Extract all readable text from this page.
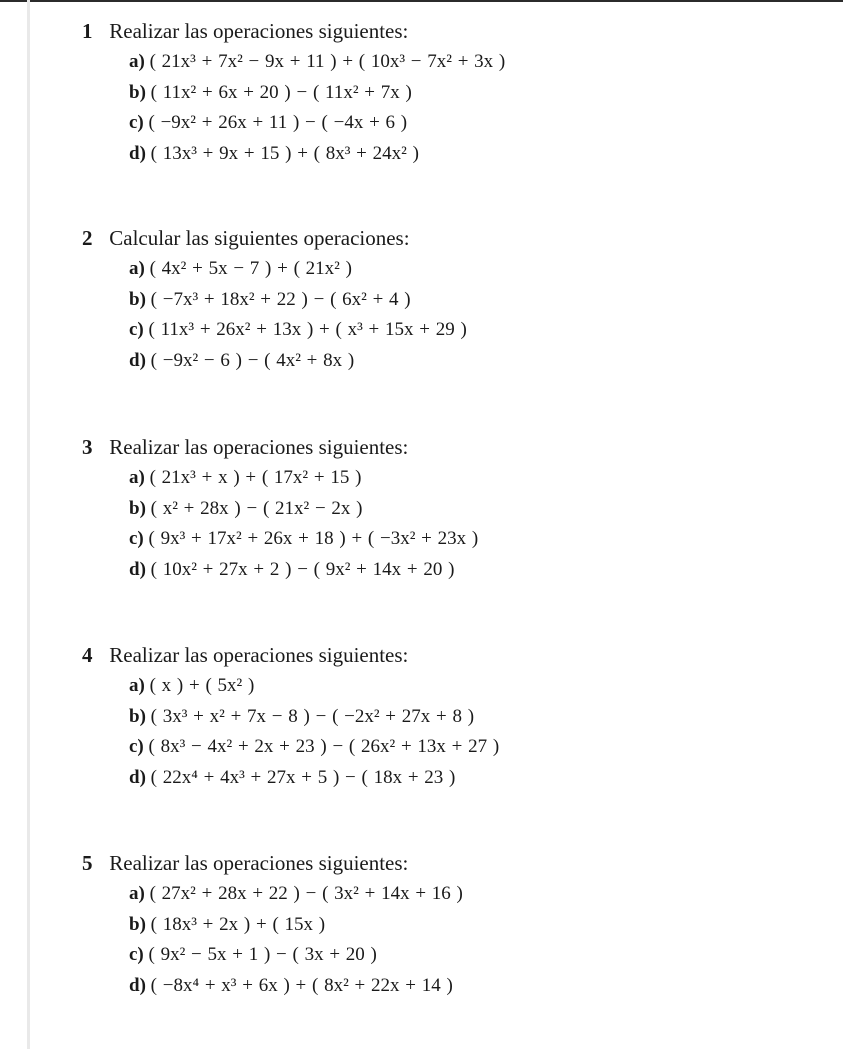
1 Realizar las operaciones siguientes:
a) ( 21x³ + 7x² − 9x + 11 ) + ( 10x³ − 7x² + 3x )
b) ( 11x² + 6x + 20 ) − ( 11x² + 7x )
c) ( −9x² + 26x + 11 ) − ( −4x + 6 )
d) ( 13x³ + 9x + 15 ) + ( 8x³ + 24x² )
2 Calcular las siguientes operaciones:
a) ( 4x² + 5x − 7 ) + ( 21x² )
b) ( −7x³ + 18x² + 22 ) − ( 6x² + 4 )
c) ( 11x³ + 26x² + 13x ) + ( x³ + 15x + 29 )
d) ( −9x² − 6 ) − ( 4x² + 8x )
3 Realizar las operaciones siguientes:
a) ( 21x³ + x ) + ( 17x² + 15 )
b) ( x² + 28x ) − ( 21x² − 2x )
c) ( 9x³ + 17x² + 26x + 18 ) + ( −3x² + 23x )
d) ( 10x² + 27x + 2 ) − ( 9x² + 14x + 20 )
4 Realizar las operaciones siguientes:
a) ( x ) + ( 5x² )
b) ( 3x³ + x² + 7x − 8 ) − ( −2x² + 27x + 8 )
c) ( 8x³ − 4x² + 2x + 23 ) − ( 26x² + 13x + 27 )
d) ( 22x⁴ + 4x³ + 27x + 5 ) − ( 18x + 23 )
5 Realizar las operaciones siguientes:
a) ( 27x² + 28x + 22 ) − ( 3x² + 14x + 16 )
b) ( 18x³ + 2x ) + ( 15x )
c) ( 9x² − 5x + 1 ) − ( 3x + 20 )
d) ( −8x⁴ + x³ + 6x ) + ( 8x² + 22x + 14 )
